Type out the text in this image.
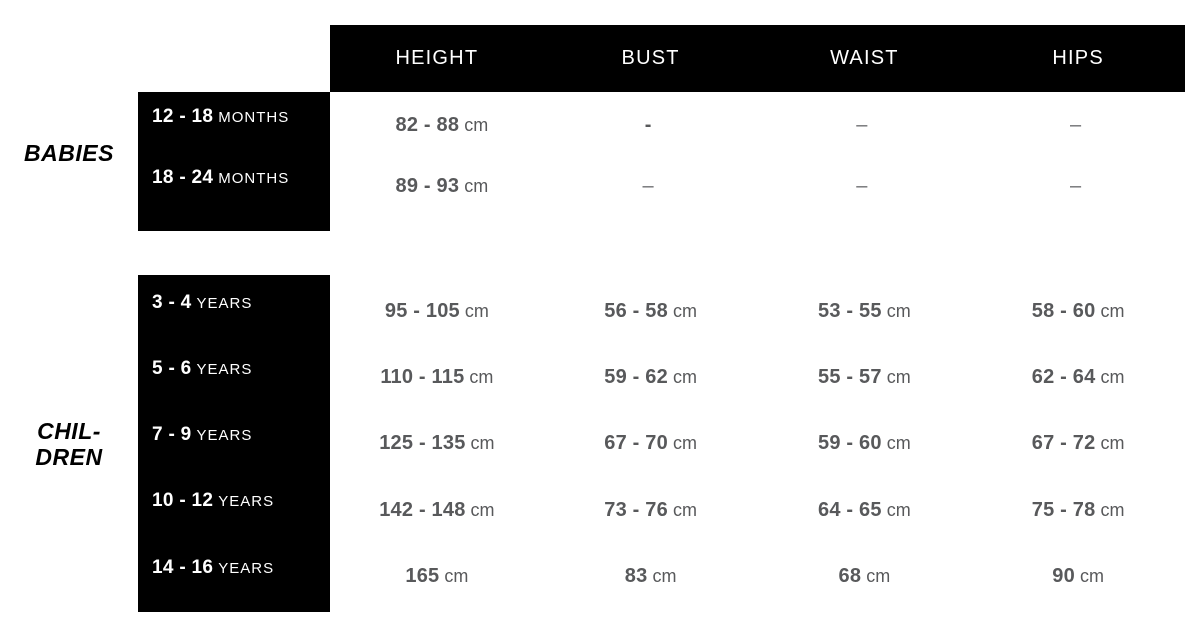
HEIGHT	BUST	WAIST	HIPS
BABIES
CHIL-
DREN
12 - 18 MONTHS	82 - 88 cm	-	–	–
18 - 24 MONTHS	89 - 93 cm	–	–	–
3 - 4 YEARS	95 - 105 cm	56 - 58 cm	53 - 55 cm	58 - 60 cm
5 - 6 YEARS	110 - 115 cm	59 - 62 cm	55 - 57 cm	62 - 64 cm
7 - 9 YEARS	125 - 135 cm	67 - 70 cm	59 - 60 cm	67 - 72 cm
10 - 12 YEARS	142 - 148 cm	73 - 76 cm	64 - 65 cm	75 - 78 cm
14 - 16 YEARS	165 cm	83 cm	68 cm	90 cm
